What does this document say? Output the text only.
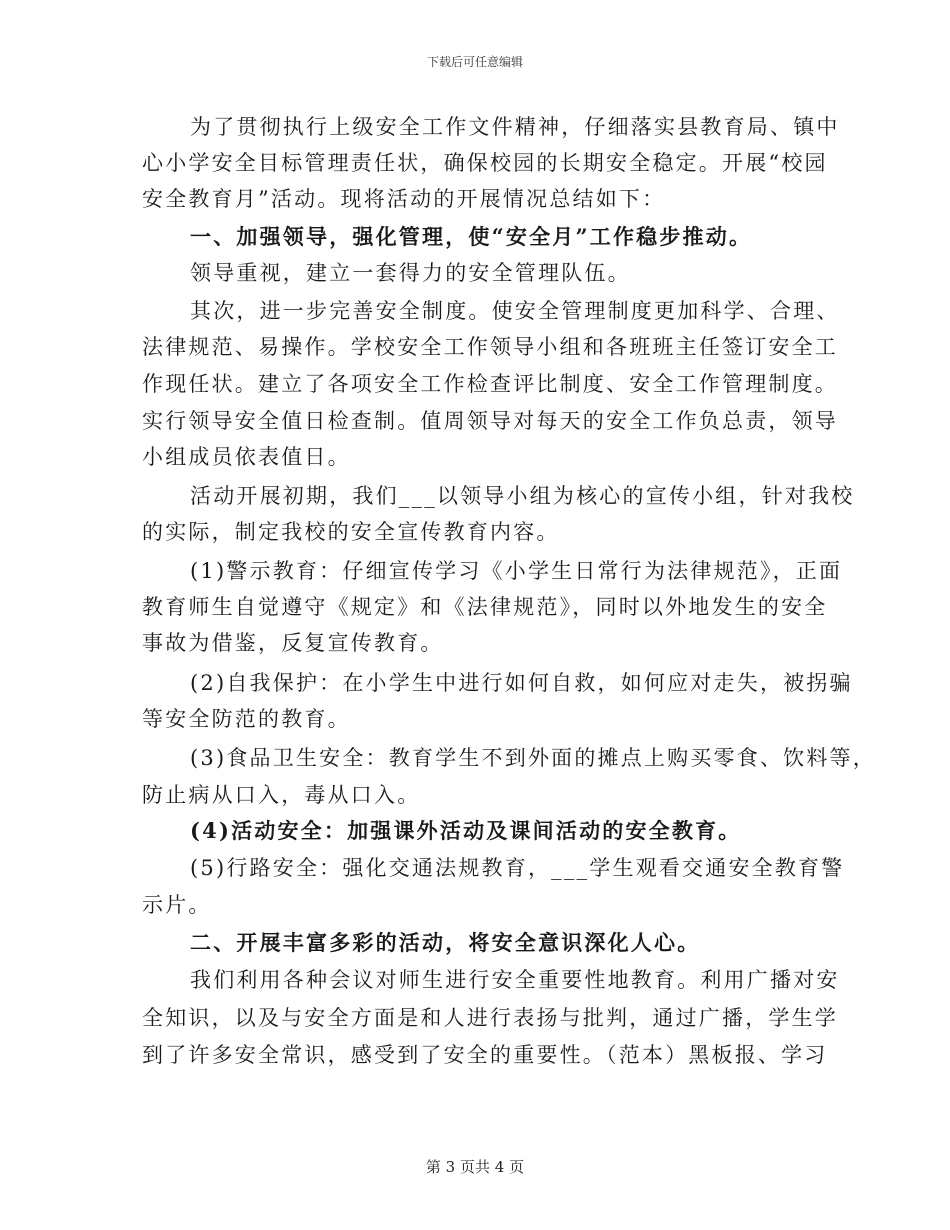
下载后可任意编辑
为了贯彻执行上级安全工作文件精神，仔细落实县教育局、镇中
心小学安全目标管理责任状，确保校园的长期安全稳定。开展“校园
安全教育月”活动。现将活动的开展情况总结如下：
一、加强领导，强化管理，使“安全月”工作稳步推动。
领导重视，建立一套得力的安全管理队伍。
其次，进一步完善安全制度。使安全管理制度更加科学、合理、
法律规范、易操作。学校安全工作领导小组和各班班主任签订安全工
作现任状。建立了各项安全工作检查评比制度、安全工作管理制度。
实行领导安全值日检查制。值周领导对每天的安全工作负总责，领导
小组成员依表值日。
活动开展初期，我们___以领导小组为核心的宣传小组，针对我校
的实际，制定我校的安全宣传教育内容。
(1)警示教育：仔细宣传学习《小学生日常行为法律规范》，正面
教育师生自觉遵守《规定》和《法律规范》，同时以外地发生的安全
事故为借鉴，反复宣传教育。
(2)自我保护：在小学生中进行如何自救，如何应对走失，被拐骗
等安全防范的教育。
(3)食品卫生安全：教育学生不到外面的摊点上购买零食、饮料等，
防止病从口入，毒从口入。
(4)活动安全：加强课外活动及课间活动的安全教育。
(5)行路安全：强化交通法规教育，___学生观看交通安全教育警
示片。
二、开展丰富多彩的活动，将安全意识深化人心。
我们利用各种会议对师生进行安全重要性地教育。利用广播对安
全知识，以及与安全方面是和人进行表扬与批判，通过广播，学生学
到了许多安全常识，感受到了安全的重要性。（范本）黑板报、学习
第 3 页共 4 页
